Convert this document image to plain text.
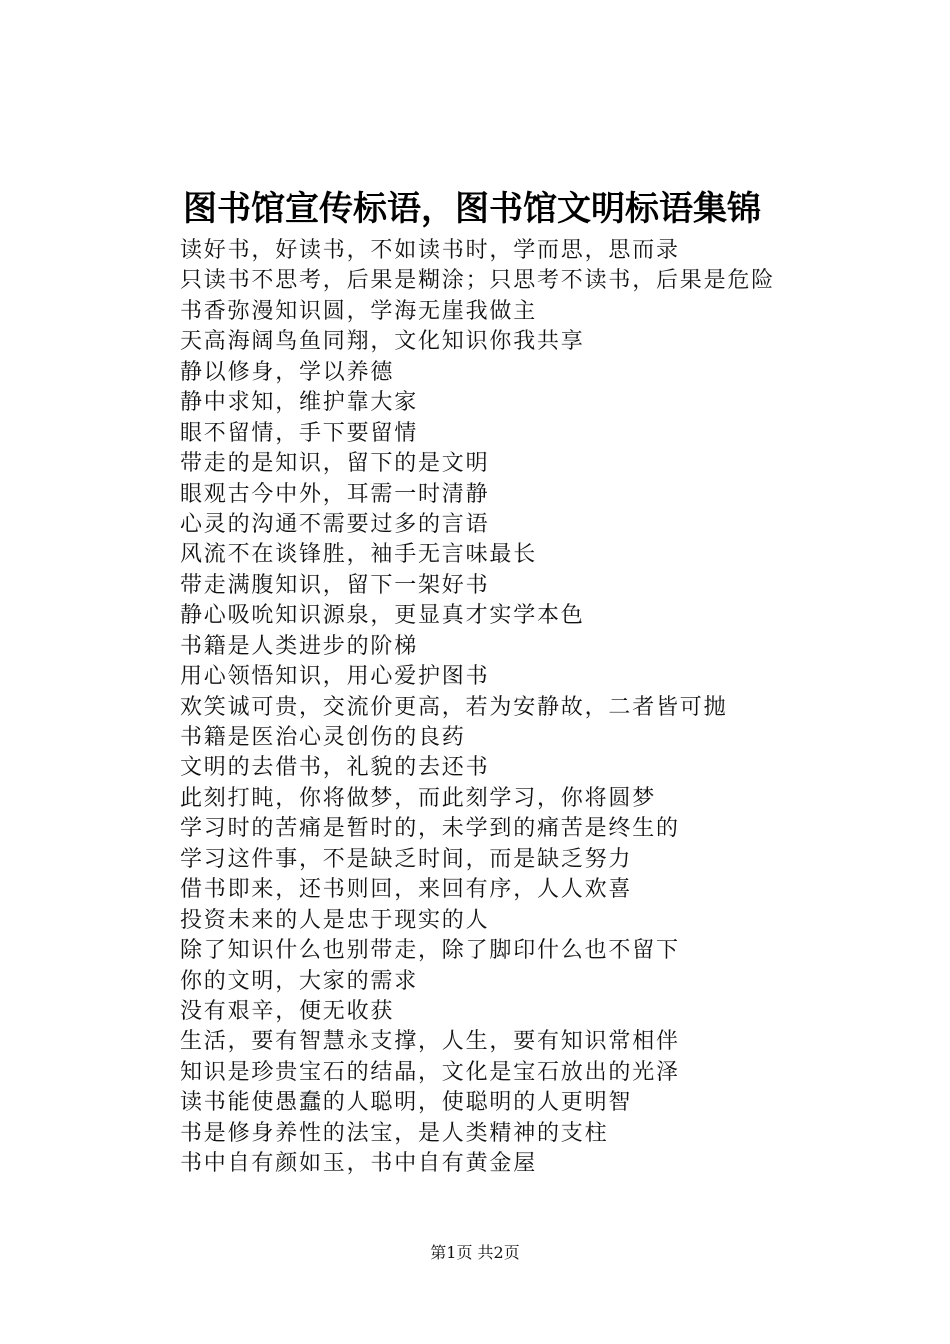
图书馆宣传标语，图书馆文明标语集锦
读好书，好读书，不如读书时，学而思，思而录
只读书不思考，后果是糊涂；只思考不读书，后果是危险
书香弥漫知识圆，学海无崖我做主
天高海阔鸟鱼同翔，文化知识你我共享
静以修身，学以养德
静中求知，维护靠大家
眼不留情，手下要留情
带走的是知识，留下的是文明
眼观古今中外，耳需一时清静
心灵的沟通不需要过多的言语
风流不在谈锋胜，袖手无言味最长
带走满腹知识，留下一架好书
静心吸吮知识源泉，更显真才实学本色
书籍是人类进步的阶梯
用心领悟知识，用心爱护图书
欢笑诚可贵，交流价更高，若为安静故，二者皆可抛
书籍是医治心灵创伤的良药
文明的去借书，礼貌的去还书
此刻打盹，你将做梦，而此刻学习，你将圆梦
学习时的苦痛是暂时的，未学到的痛苦是终生的
学习这件事，不是缺乏时间，而是缺乏努力
借书即来，还书则回，来回有序，人人欢喜
投资未来的人是忠于现实的人
除了知识什么也别带走，除了脚印什么也不留下
你的文明，大家的需求
没有艰辛，便无收获
生活，要有智慧永支撑，人生，要有知识常相伴
知识是珍贵宝石的结晶，文化是宝石放出的光泽
读书能使愚蠢的人聪明，使聪明的人更明智
书是修身养性的法宝，是人类精神的支柱
书中自有颜如玉，书中自有黄金屋
第1页 共2页
